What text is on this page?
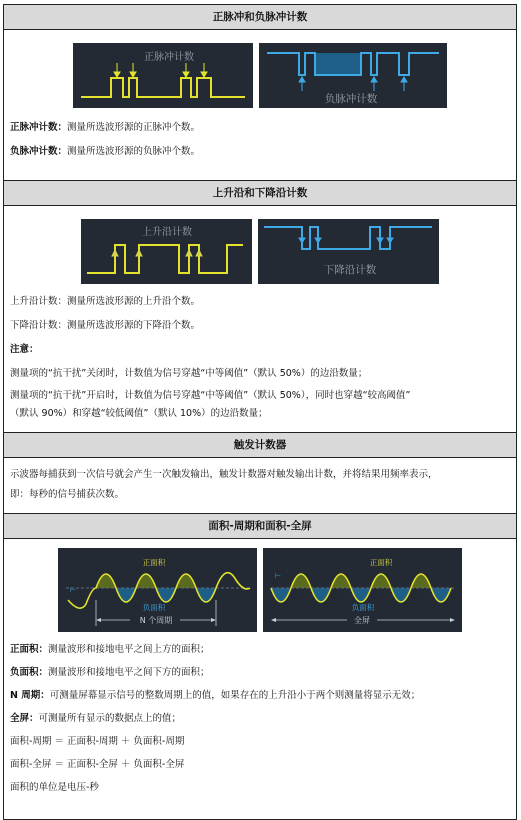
正脉冲和负脉冲计数
正脉冲计数
负脉冲计数

正脉冲计数：测量所选波形源的正脉冲个数。

负脉冲计数：测量所选波形源的负脉冲个数。

上升沿和下降沿计数
上升沿计数
下降沿计数

上升沿计数：测量所选波形源的上升沿个数。

下降沿计数：测量所选波形源的下降沿个数。

注意：

测量项的“抗干扰”关闭时，计数值为信号穿越“中等阈值”（默认 50%）的边沿数量；

测量项的“抗干扰”开启时，计数值为信号穿越“中等阈值”（默认 50%），同时也穿越“较高阈值”

（默认 90%）和穿越“较低阈值”（默认 10%）的边沿数量；

触发计数器

示波器每捕获到一次信号就会产生一次触发输出，触发计数器对触发输出计数，并将结果用频率表示，

即：每秒的信号捕获次数。

面积-周期和面积-全屏
正面积
负面积
N 个周期
⊢
正面积
负面积
全屏
⊢

正面积：测量波形和接地电平之间上方的面积；

负面积：测量波形和接地电平之间下方的面积；

N 周期：可测量屏幕显示信号的整数周期上的值，如果存在的上升沿小于两个则测量将显示无效；

全屏：可测量所有显示的数据点上的值；

面积-周期 ＝ 正面积-周期 ＋ 负面积-周期

面积-全屏 ＝ 正面积-全屏 ＋ 负面积-全屏

面积的单位是电压-秒
